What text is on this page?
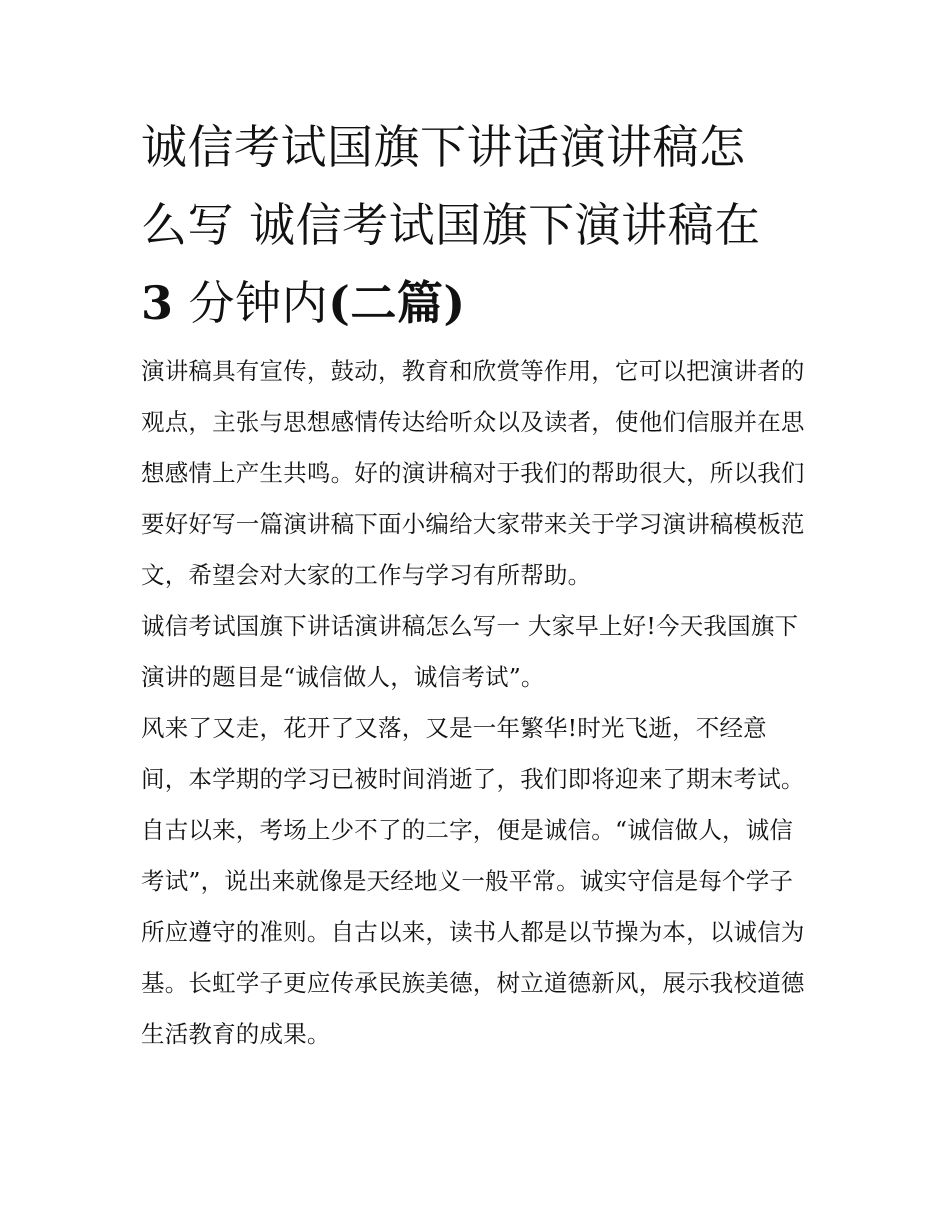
诚信考试国旗下讲话演讲稿怎
么写 诚信考试国旗下演讲稿在
3 分钟内(二篇)

演讲稿具有宣传，鼓动，教育和欣赏等作用，它可以把演讲者的观点，主张与思想感情传达给听众以及读者，使他们信服并在思想感情上产生共鸣。好的演讲稿对于我们的帮助很大，所以我们要好好写一篇演讲稿下面小编给大家带来关于学习演讲稿模板范文，希望会对大家的工作与学习有所帮助。

诚信考试国旗下讲话演讲稿怎么写一 大家早上好!今天我国旗下演讲的题目是“诚信做人，诚信考试”。

风来了又走，花开了又落，又是一年繁华!时光飞逝，不经意间，本学期的学习已被时间消逝了，我们即将迎来了期末考试。

自古以来，考场上少不了的二字，便是诚信。“诚信做人，诚信考试”，说出来就像是天经地义一般平常。诚实守信是每个学子所应遵守的准则。自古以来，读书人都是以节操为本，以诚信为基。长虹学子更应传承民族美德，树立道德新风，展示我校道德生活教育的成果。
